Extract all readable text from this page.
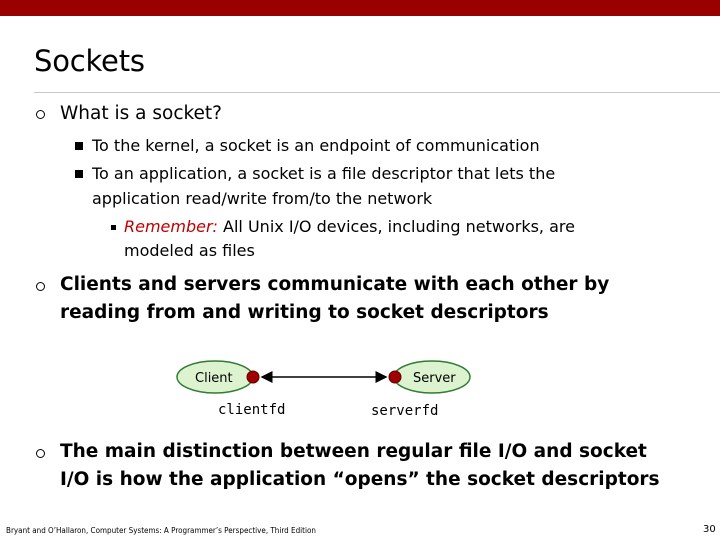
Sockets
What is a socket?
To the kernel, a socket is an endpoint of communication
To an application, a socket is a file descriptor that lets the
application read/write from/to the network
Remember: All Unix I/O devices, including networks, are
modeled as files
Clients and servers communicate with each other by
reading from and writing to socket descriptors
Client	Server
clientfd	serverfd
The main distinction between regular file I/O and socket
I/O is how the application “opens” the socket descriptors
Bryant and O’Hallaron, Computer Systems: A Programmer’s Perspective, Third Edition	30
